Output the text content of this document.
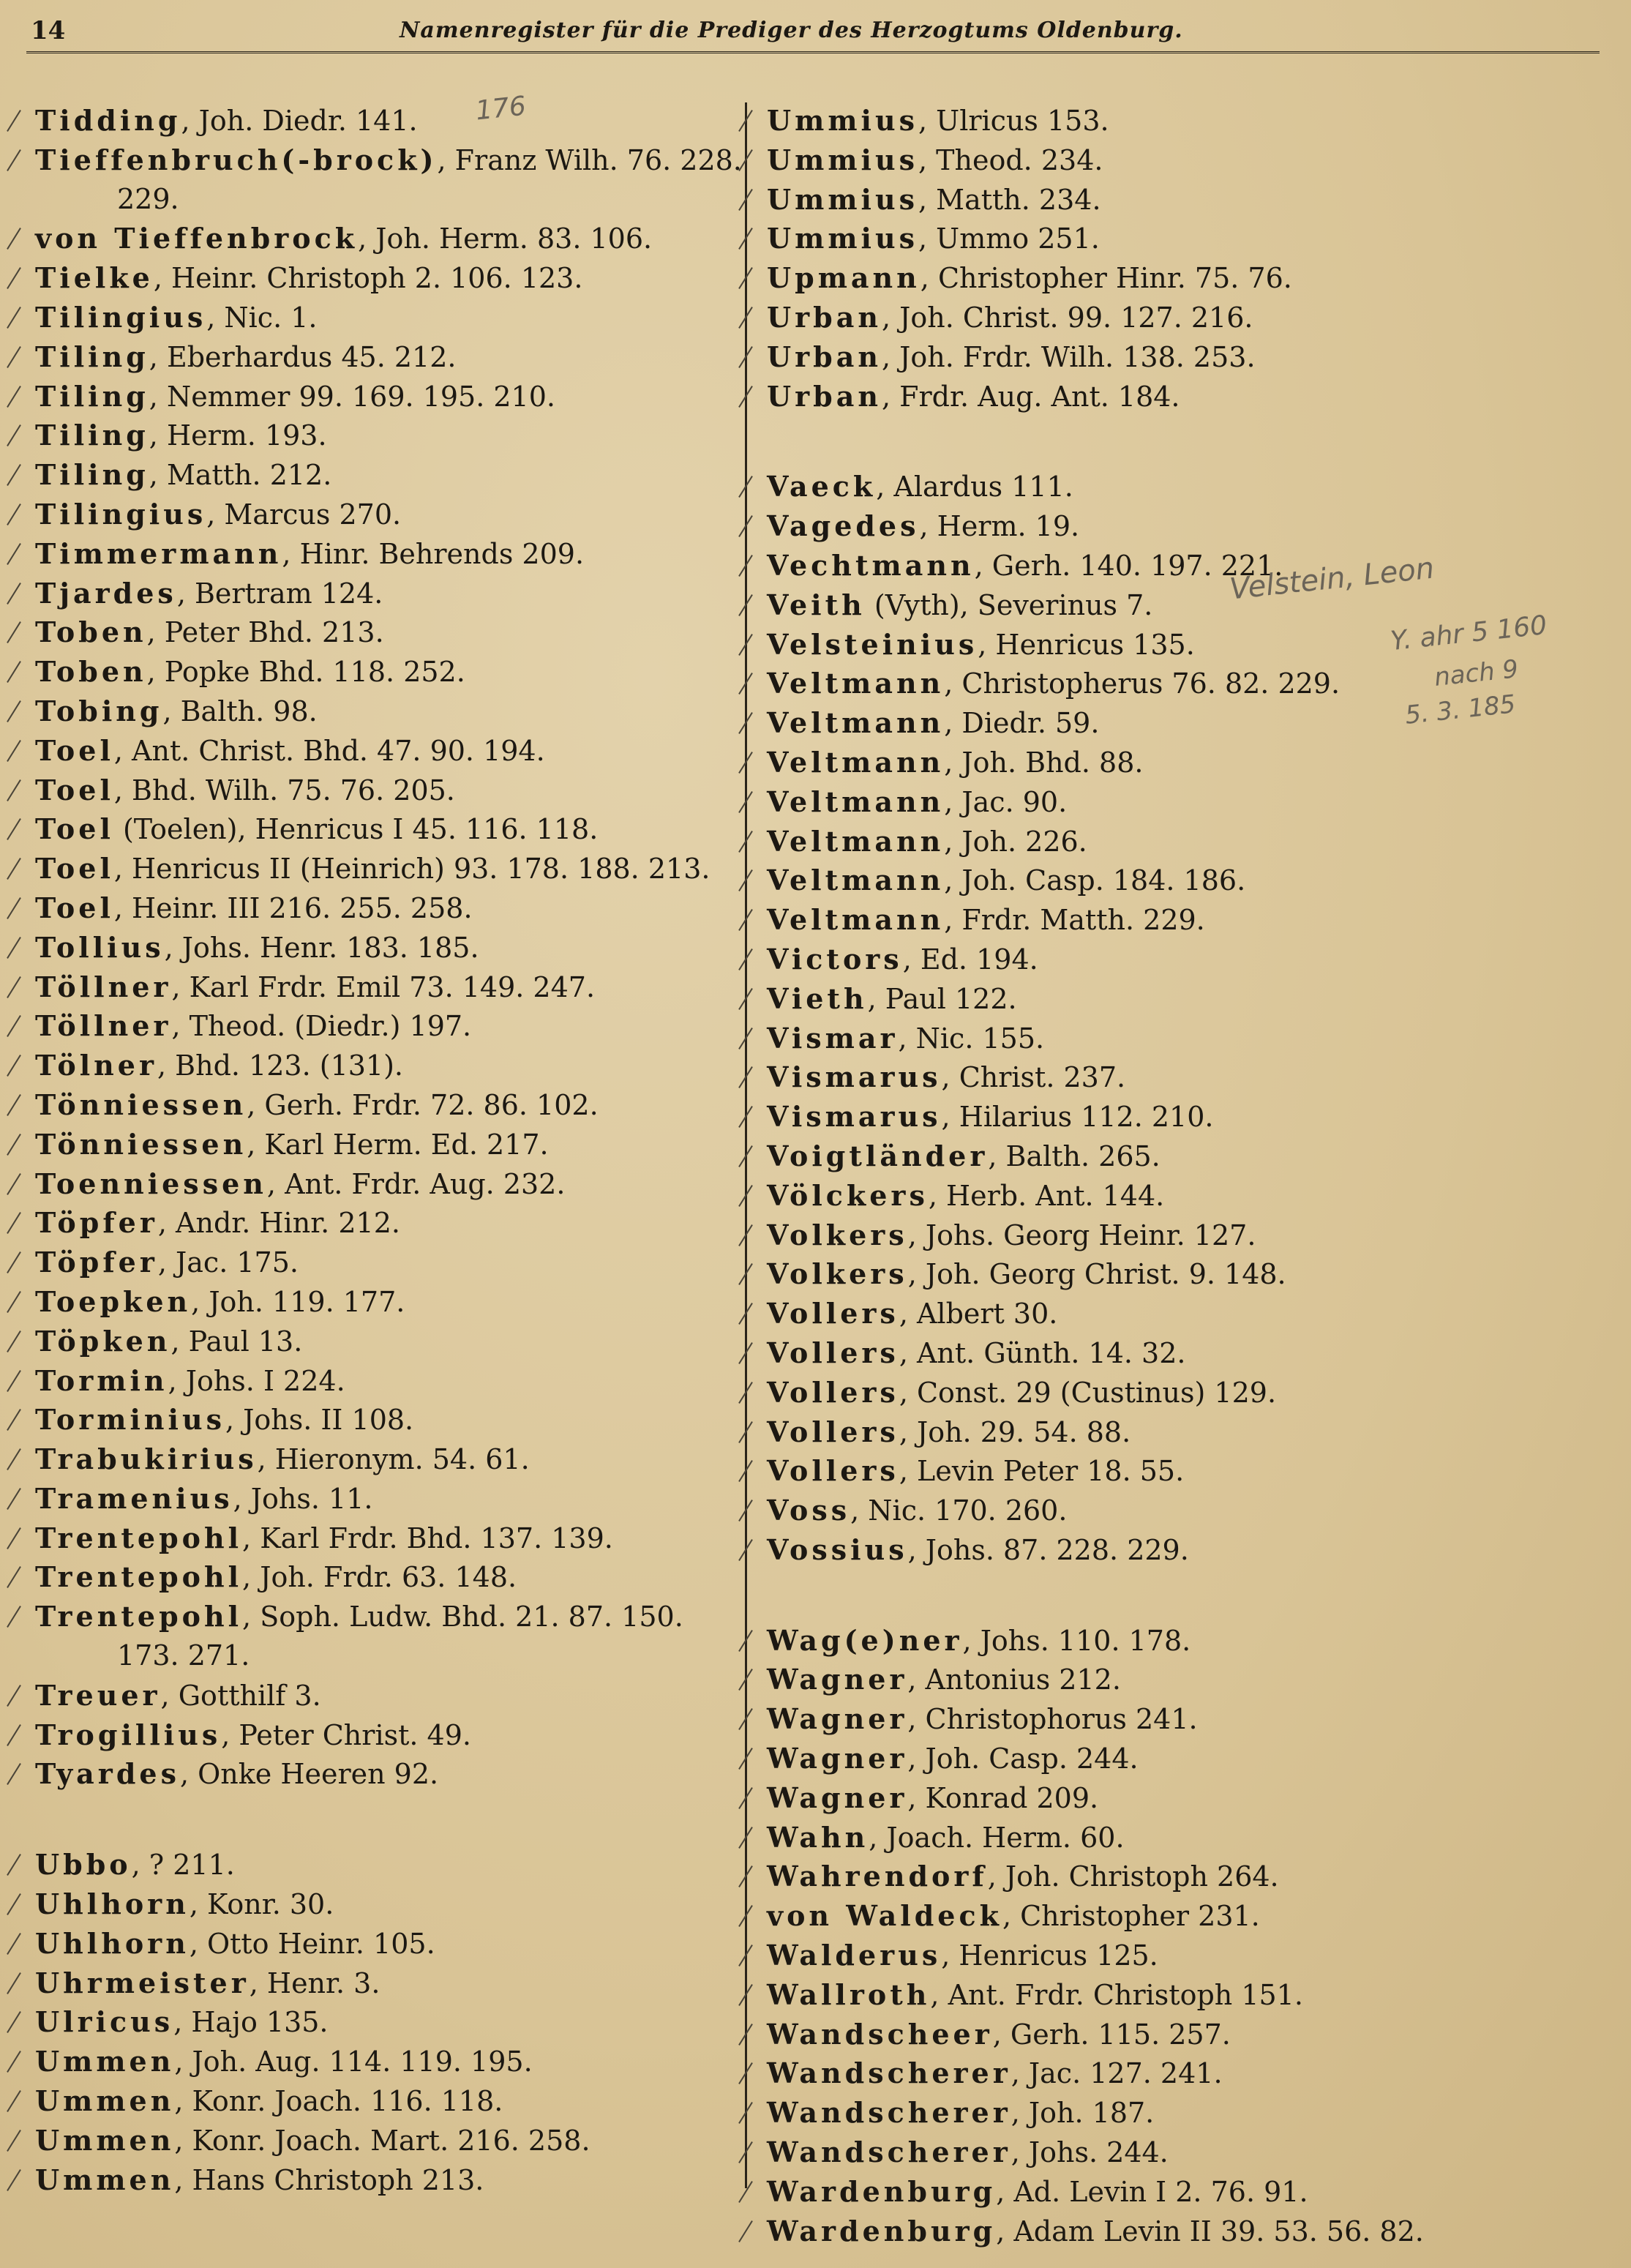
14	Namenregister für die Prediger des Herzogtums Oldenburg.
Tidding, Joh. Diedr. 141.
Tieffenbruch(-brock), Franz Wilh. 76. 228.
229.
von Tieffenbrock, Joh. Herm. 83. 106.
Tielke, Heinr. Christoph 2. 106. 123.
Tilingius, Nic. 1.
Tiling, Eberhardus 45. 212.
Tiling, Nemmer 99. 169. 195. 210.
Tiling, Herm. 193.
Tiling, Matth. 212.
Tilingius, Marcus 270.
Timmermann, Hinr. Behrends 209.
Tjardes, Bertram 124.
Toben, Peter Bhd. 213.
Toben, Popke Bhd. 118. 252.
Tobing, Balth. 98.
Toel, Ant. Christ. Bhd. 47. 90. 194.
Toel, Bhd. Wilh. 75. 76. 205.
Toel (Toelen), Henricus I 45. 116. 118.
Toel, Henricus II (Heinrich) 93. 178. 188. 213.
Toel, Heinr. III 216. 255. 258.
Tollius, Johs. Henr. 183. 185.
Töllner, Karl Frdr. Emil 73. 149. 247.
Töllner, Theod. (Diedr.) 197.
Tölner, Bhd. 123. (131).
Tönniessen, Gerh. Frdr. 72. 86. 102.
Tönniessen, Karl Herm. Ed. 217.
Toenniessen, Ant. Frdr. Aug. 232.
Töpfer, Andr. Hinr. 212.
Töpfer, Jac. 175.
Toepken, Joh. 119. 177.
Töpken, Paul 13.
Tormin, Johs. I 224.
Torminius, Johs. II 108.
Trabukirius, Hieronym. 54. 61.
Tramenius, Johs. 11.
Trentepohl, Karl Frdr. Bhd. 137. 139.
Trentepohl, Joh. Frdr. 63. 148.
Trentepohl, Soph. Ludw. Bhd. 21. 87. 150.
173. 271.
Treuer, Gotthilf 3.
Trogillius, Peter Christ. 49.
Tyardes, Onke Heeren 92.
Ubbo, ? 211.
Uhlhorn, Konr. 30.
Uhlhorn, Otto Heinr. 105.
Uhrmeister, Henr. 3.
Ulricus, Hajo 135.
Ummen, Joh. Aug. 114. 119. 195.
Ummen, Konr. Joach. 116. 118.
Ummen, Konr. Joach. Mart. 216. 258.
Ummen, Hans Christoph 213.
Ummius, Ulricus 153.
Ummius, Theod. 234.
Ummius, Matth. 234.
Ummius, Ummo 251.
Upmann, Christopher Hinr. 75. 76.
Urban, Joh. Christ. 99. 127. 216.
Urban, Joh. Frdr. Wilh. 138. 253.
Urban, Frdr. Aug. Ant. 184.
Vaeck, Alardus 111.
Vagedes, Herm. 19.
Vechtmann, Gerh. 140. 197. 221.
Veith (Vyth), Severinus 7.
Velsteinius, Henricus 135.
Veltmann, Christopherus 76. 82. 229.
Veltmann, Diedr. 59.
Veltmann, Joh. Bhd. 88.
Veltmann, Jac. 90.
Veltmann, Joh. 226.
Veltmann, Joh. Casp. 184. 186.
Veltmann, Frdr. Matth. 229.
Victors, Ed. 194.
Vieth, Paul 122.
Vismar, Nic. 155.
Vismarus, Christ. 237.
Vismarus, Hilarius 112. 210.
Voigtländer, Balth. 265.
Völckers, Herb. Ant. 144.
Volkers, Johs. Georg Heinr. 127.
Volkers, Joh. Georg Christ. 9. 148.
Vollers, Albert 30.
Vollers, Ant. Günth. 14. 32.
Vollers, Const. 29 (Custinus) 129.
Vollers, Joh. 29. 54. 88.
Vollers, Levin Peter 18. 55.
Voss, Nic. 170. 260.
Vossius, Johs. 87. 228. 229.
Wag(e)ner, Johs. 110. 178.
Wagner, Antonius 212.
Wagner, Christophorus 241.
Wagner, Joh. Casp. 244.
Wagner, Konrad 209.
Wahn, Joach. Herm. 60.
Wahrendorf, Joh. Christoph 264.
von Waldeck, Christopher 231.
Walderus, Henricus 125.
Wallroth, Ant. Frdr. Christoph 151.
Wandscheer, Gerh. 115. 257.
Wandscherer, Jac. 127. 241.
Wandscherer, Joh. 187.
Wandscherer, Johs. 244.
Wardenburg, Ad. Levin I 2. 76. 91.
Wardenburg, Adam Levin II 39. 53. 56. 82.
176
Velstein, Leon
Y. ahr 5 160
nach 9
5. 3. 185
